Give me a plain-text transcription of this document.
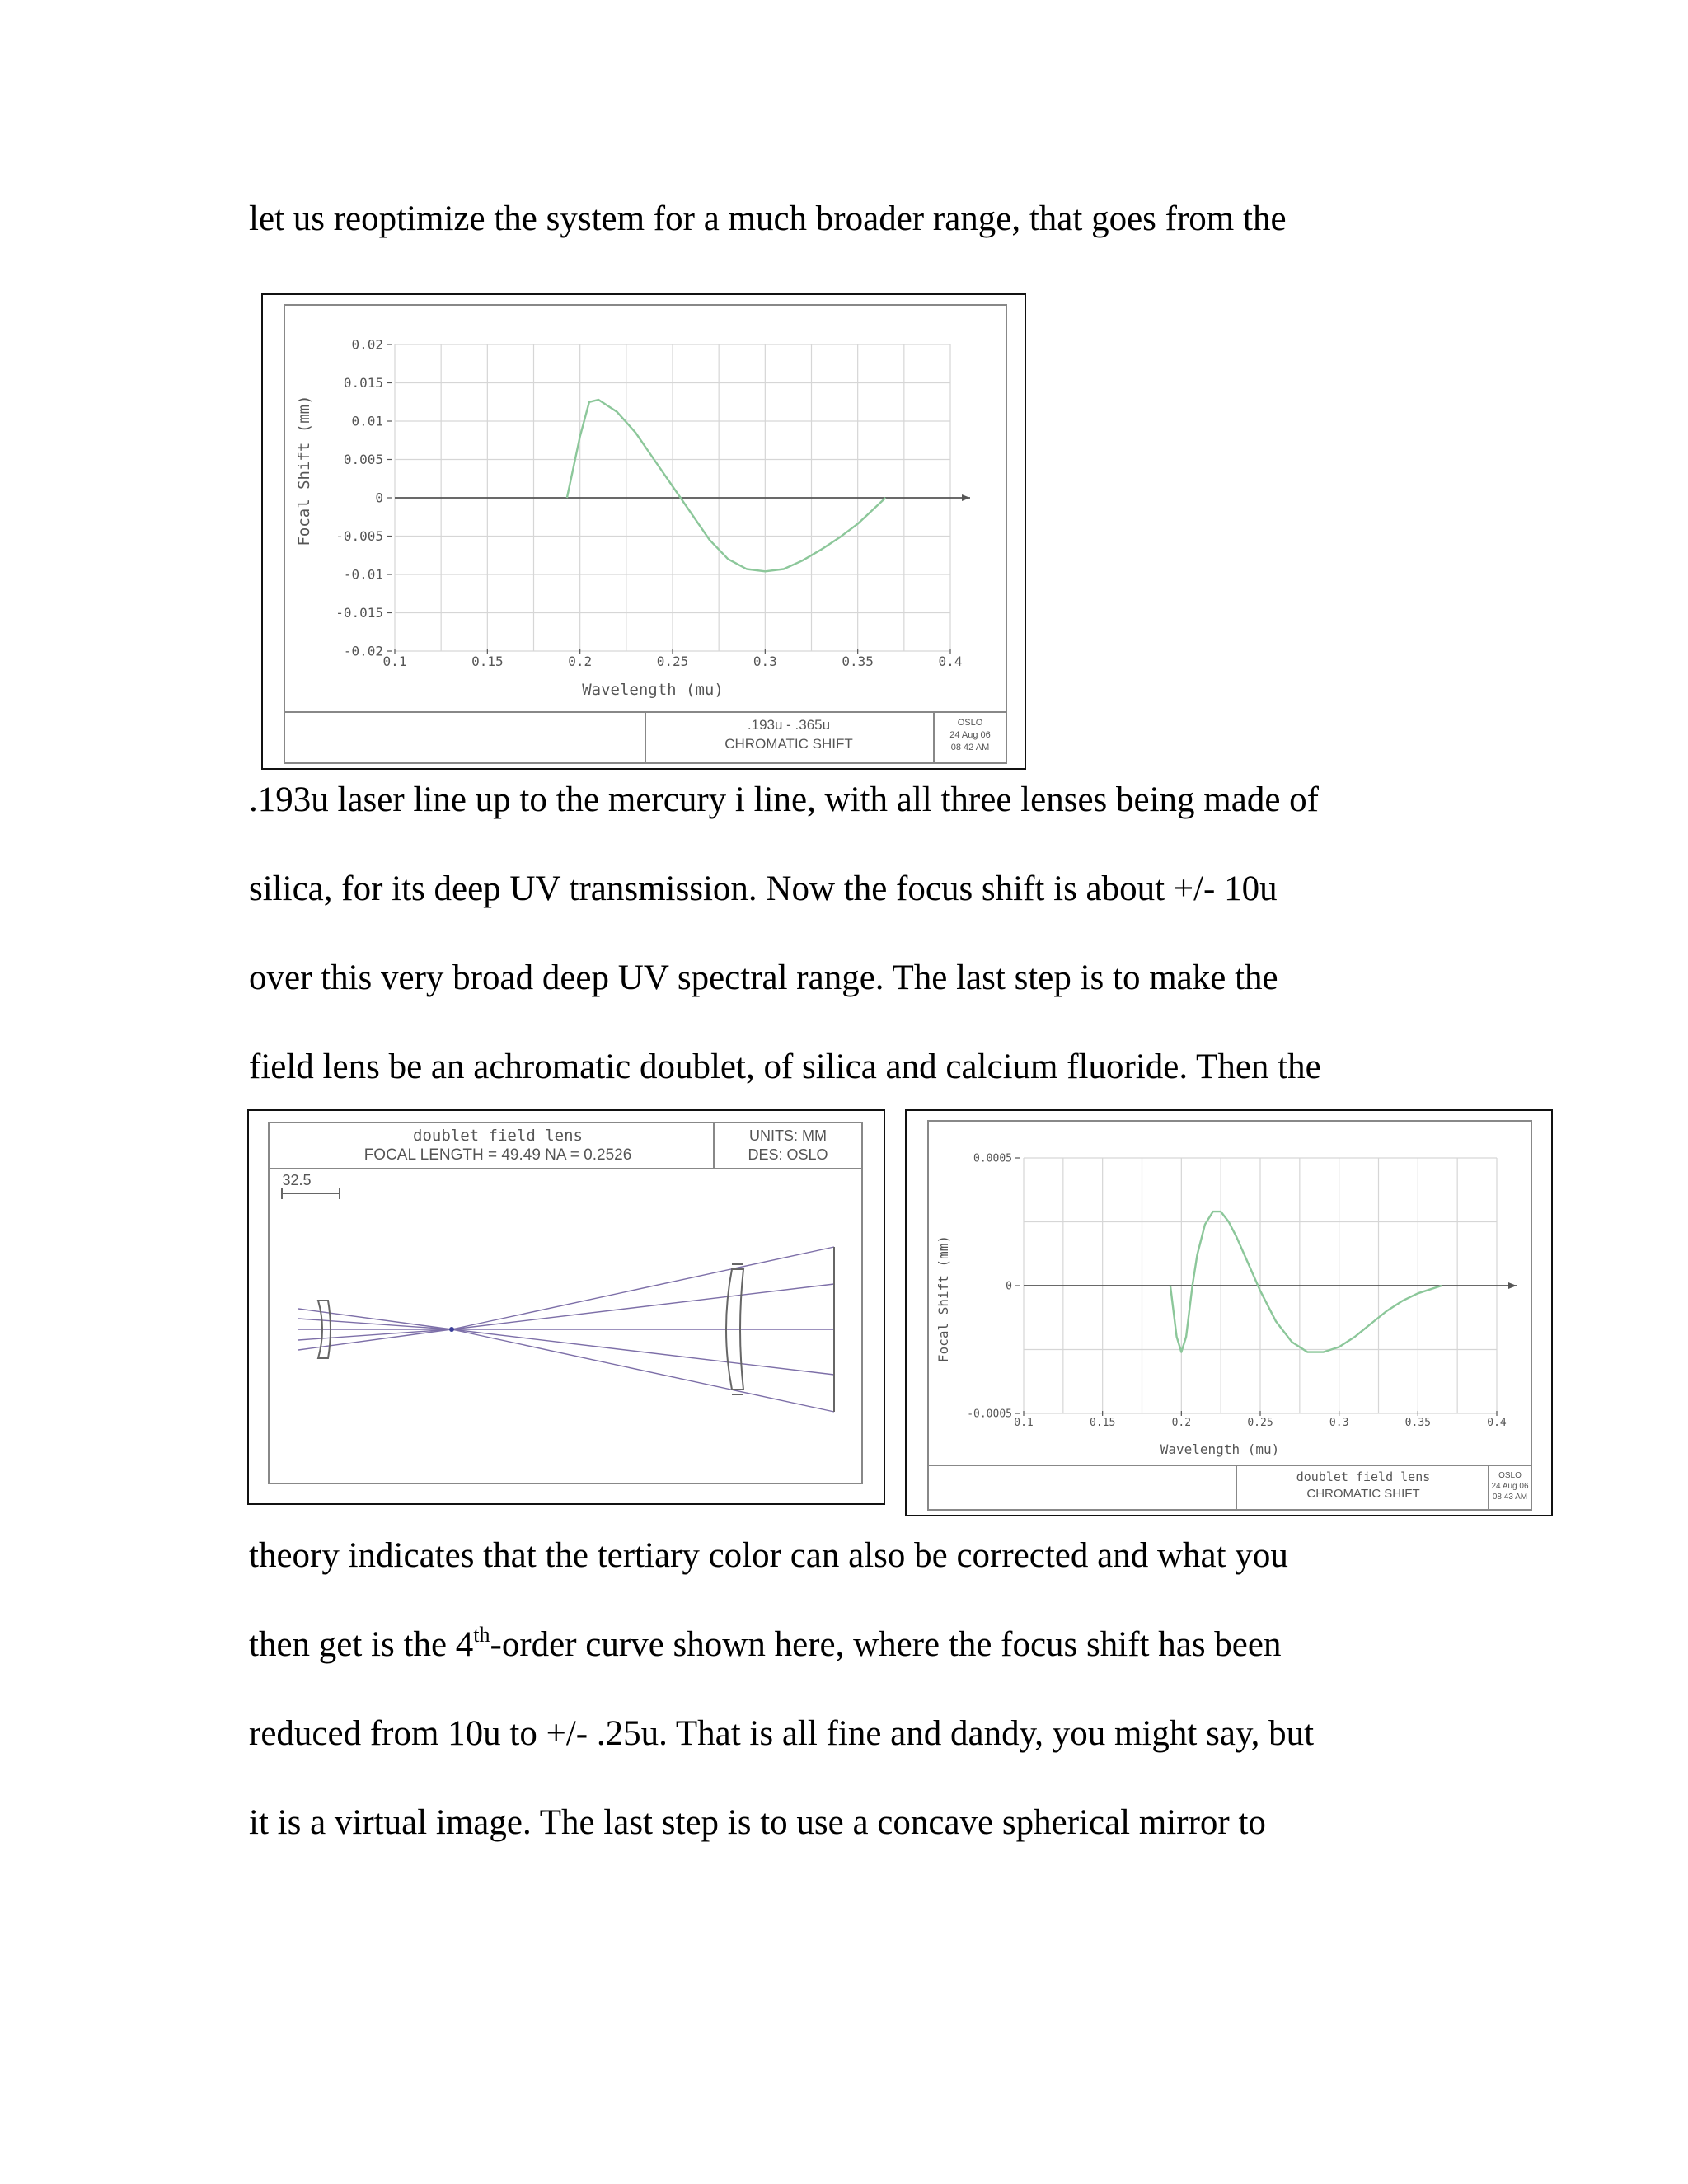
let us reoptimize the system for a much broader range, that goes from the

.193u - .365u
CHROMATIC SHIFT
OSLO
24 Aug 06
08 42 AM
0.1	0.15	0.2	0.25	0.3	0.35	0.4
0.02
0.015
0.01
0.005
0
-0.005
-0.01
-0.015
-0.02
Wavelength (mu)
Focal Shift (mm)

.193u laser line up to the mercury i line, with all three lenses being made of

silica, for its deep UV transmission. Now the focus shift is about +/- 10u

over this very broad deep UV spectral range. The last step is to make the

field lens be an achromatic doublet, of silica and calcium fluoride. Then the

doublet field lens
FOCAL LENGTH = 49.49 NA = 0.2526
UNITS: MM
DES: OSLO
32.5
doublet field lens
CHROMATIC SHIFT
OSLO
24 Aug 06
08 43 AM
0.1	0.15	0.2	0.25	0.3	0.35	0.4
0.0005
0
-0.0005
Wavelength (mu)
Focal Shift (mm)

theory indicates that the tertiary color can also be corrected and what you

then get is the 4th-order curve shown here, where the focus shift has been

reduced from 10u to +/- .25u. That is all fine and dandy, you might say, but

it is a virtual image. The last step is to use a concave spherical mirror to
